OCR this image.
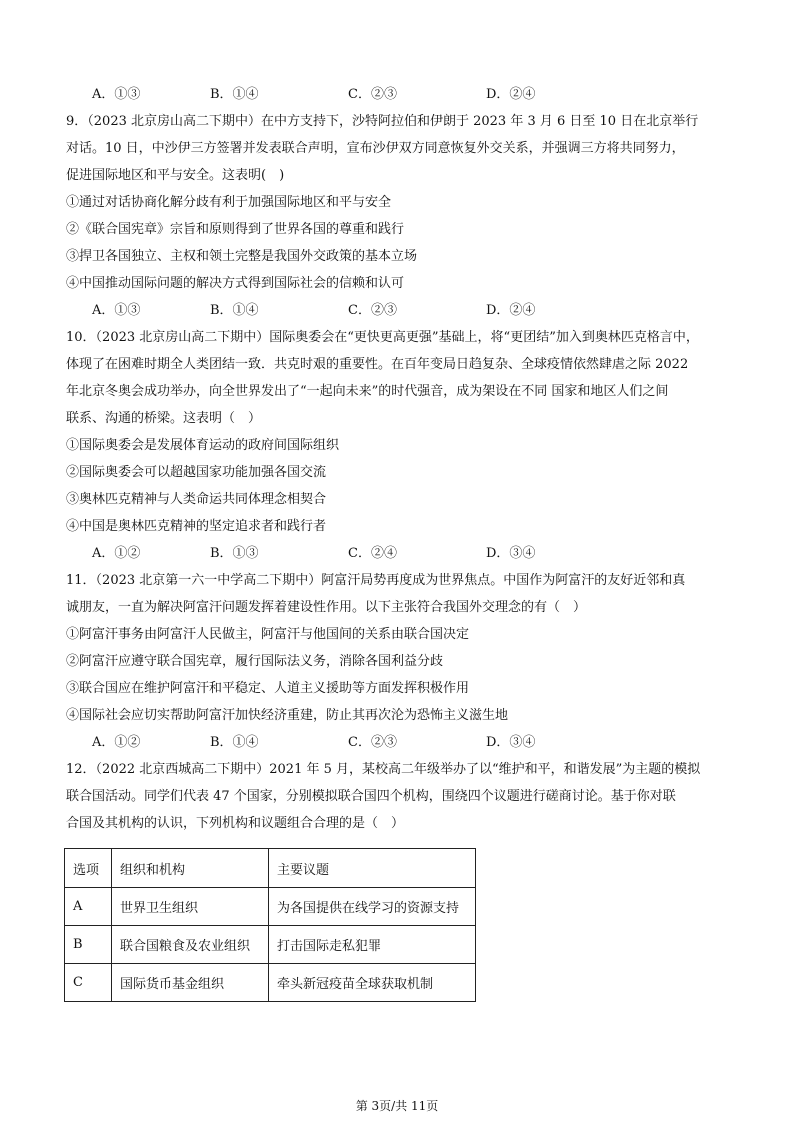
A．①③	B．①④	C．②③	D．②④
9．（2023 北京房山高二下期中）在中方支持下，沙特阿拉伯和伊朗于 2023 年 3 月 6 日至 10 日在北京举行
对话。10 日，中沙伊三方签署并发表联合声明，宣布沙伊双方同意恢复外交关系，并强调三方将共同努力，
促进国际地区和平与安全。这表明(　)
①通过对话协商化解分歧有利于加强国际地区和平与安全
②《联合国宪章》宗旨和原则得到了世界各国的尊重和践行
③捍卫各国独立、主权和领土完整是我国外交政策的基本立场
④中国推动国际问题的解决方式得到国际社会的信赖和认可
A．①③	B．①④	C．②③	D．②④
10．（2023 北京房山高二下期中）国际奥委会在“更快更高更强”基础上，将“更团结”加入到奥林匹克格言中，
体现了在困难时期全人类团结一致．共克时艰的重要性。在百年变局日趋复杂、全球疫情依然肆虐之际 2022
年北京冬奥会成功举办，向全世界发出了“一起向未来”的时代强音，成为架设在不同 国家和地区人们之间
联系、沟通的桥梁。这表明（　）
①国际奥委会是发展体育运动的政府间国际组织
②国际奥委会可以超越国家功能加强各国交流
③奥林匹克精神与人类命运共同体理念相契合
④中国是奥林匹克精神的坚定追求者和践行者
A．①②	B．①③	C．②④	D．③④
11．（2023 北京第一六一中学高二下期中）阿富汗局势再度成为世界焦点。中国作为阿富汗的友好近邻和真
诚朋友，一直为解决阿富汗问题发挥着建设性作用。以下主张符合我国外交理念的有（　）
①阿富汗事务由阿富汗人民做主，阿富汗与他国间的关系由联合国决定
②阿富汗应遵守联合国宪章，履行国际法义务，消除各国利益分歧
③联合国应在维护阿富汗和平稳定、人道主义援助等方面发挥积极作用
④国际社会应切实帮助阿富汗加快经济重建，防止其再次沦为恐怖主义滋生地
A．①②	B．①④	C．②③	D．③④
12．（2022 北京西城高二下期中）2021 年 5 月，某校高二年级举办了以“维护和平，和谐发展”为主题的模拟
联合国活动。同学们代表 47 个国家，分别模拟联合国四个机构，围绕四个议题进行磋商讨论。基于你对联
合国及其机构的认识，下列机构和议题组合合理的是（　）
选项	组织和机构	主要议题
A	世界卫生组织	为各国提供在线学习的资源支持
B	联合国粮食及农业组织	打击国际走私犯罪
C	国际货币基金组织	牵头新冠疫苗全球获取机制
第 3页/共 11页
